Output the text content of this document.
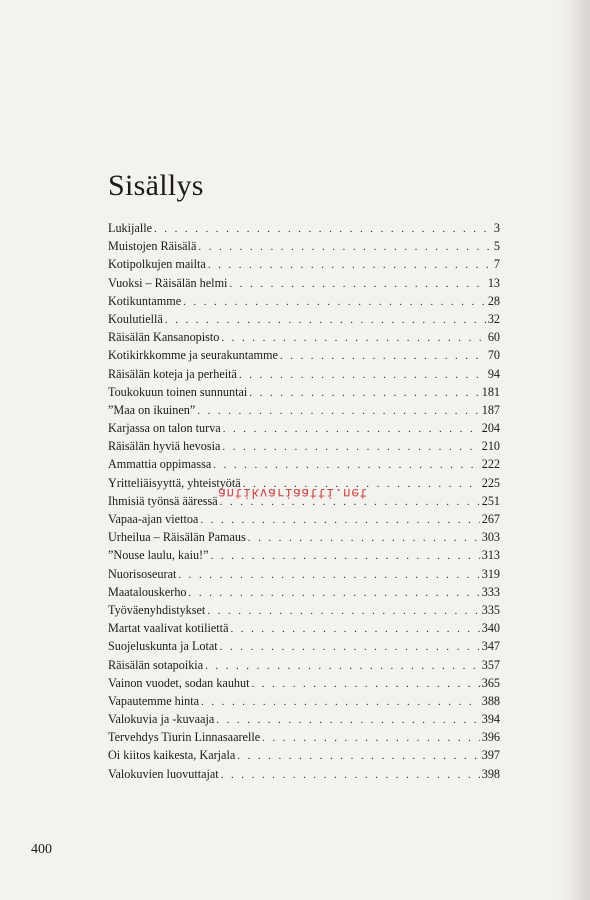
Sisällys
Lukijalle . . .	3
Muistojen Räisälä . . .	5
Kotipolkujen mailta . . .	7
Vuoksi – Räisälän helmi . . .	13
Kotikuntamme . . .	28
Koulutiellä . . .	32
Räisälän Kansanopisto . . .	60
Kotikirkkomme ja seurakuntamme . . .	70
Räisälän koteja ja perheitä . . .	94
Toukokuun toinen sunnuntai . . .	181
”Maa on ikuinen” . . .	187
Karjassa on talon turva . . .	204
Räisälän hyviä hevosia . . .	210
Ammattia oppimassa . . .	222
Yritteliäisyyttä, yhteistyötä . . .	225
Ihmisiä työnsä ääressä . . .	251
Vapaa-ajan viettoa . . .	267
Urheilua – Räisälän Pamaus . . .	303
”Nouse laulu, kaiu!” . . .	313
Nuorisoseurat . . .	319
Maatalouskerho . . .	333
Työväenyhdistykset . . .	335
Martat vaalivat kotiliettä . . .	340
Suojeluskunta ja Lotat . . .	347
Räisälän sotapoikia . . .	357
Vainon vuodet, sodan kauhut . . .	365
Vapautemme hinta . . .	388
Valokuvia ja -kuvaaja . . .	394
Tervehdys Tiurin Linnasaarelle . . .	396
Oi kiitos kaikesta, Karjala . . .	397
Valokuvien luovuttajat . . .	398
antikvariaatti.net

400
